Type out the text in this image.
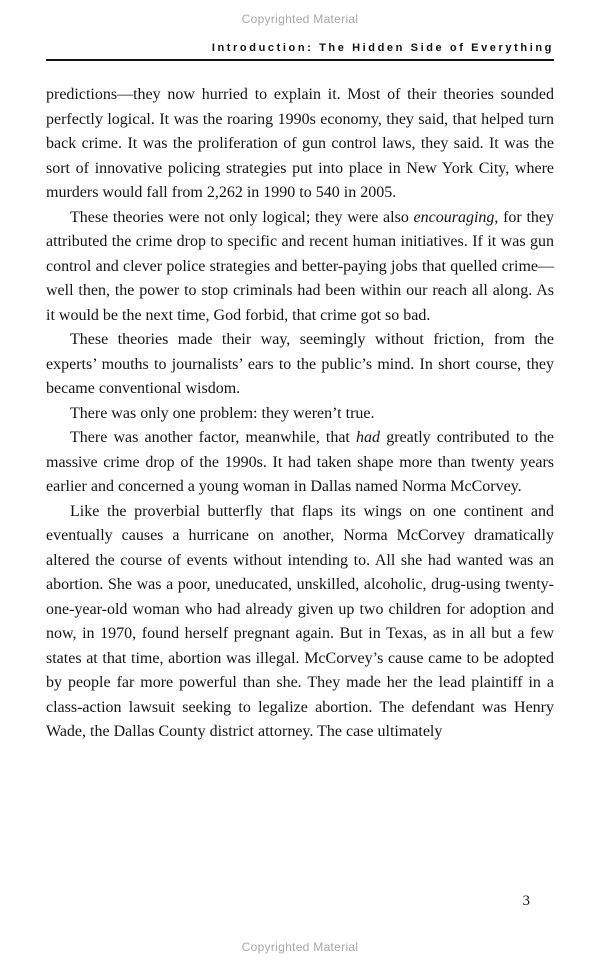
Copyrighted Material
Introduction: The Hidden Side of Everything

predictions—they now hurried to explain it. Most of their theories sounded perfectly logical. It was the roaring 1990s economy, they said, that helped turn back crime. It was the proliferation of gun control laws, they said. It was the sort of innovative policing strategies put into place in New York City, where murders would fall from 2,262 in 1990 to 540 in 2005.

These theories were not only logical; they were also encouraging, for they attributed the crime drop to specific and recent human initiatives. If it was gun control and clever police strategies and better-paying jobs that quelled crime—well then, the power to stop criminals had been within our reach all along. As it would be the next time, God forbid, that crime got so bad.

These theories made their way, seemingly without friction, from the experts’ mouths to journalists’ ears to the public’s mind. In short course, they became conventional wisdom.

There was only one problem: they weren’t true.

There was another factor, meanwhile, that had greatly contributed to the massive crime drop of the 1990s. It had taken shape more than twenty years earlier and concerned a young woman in Dallas named Norma McCorvey.

Like the proverbial butterfly that flaps its wings on one continent and eventually causes a hurricane on another, Norma McCorvey dramatically altered the course of events without intending to. All she had wanted was an abortion. She was a poor, uneducated, unskilled, alcoholic, drug-using twenty-one-year-old woman who had already given up two children for adoption and now, in 1970, found herself pregnant again. But in Texas, as in all but a few states at that time, abortion was illegal. McCorvey’s cause came to be adopted by people far more powerful than she. They made her the lead plaintiff in a class-action lawsuit seeking to legalize abortion. The defendant was Henry Wade, the Dallas County district attorney. The case ultimately

3
Copyrighted Material
